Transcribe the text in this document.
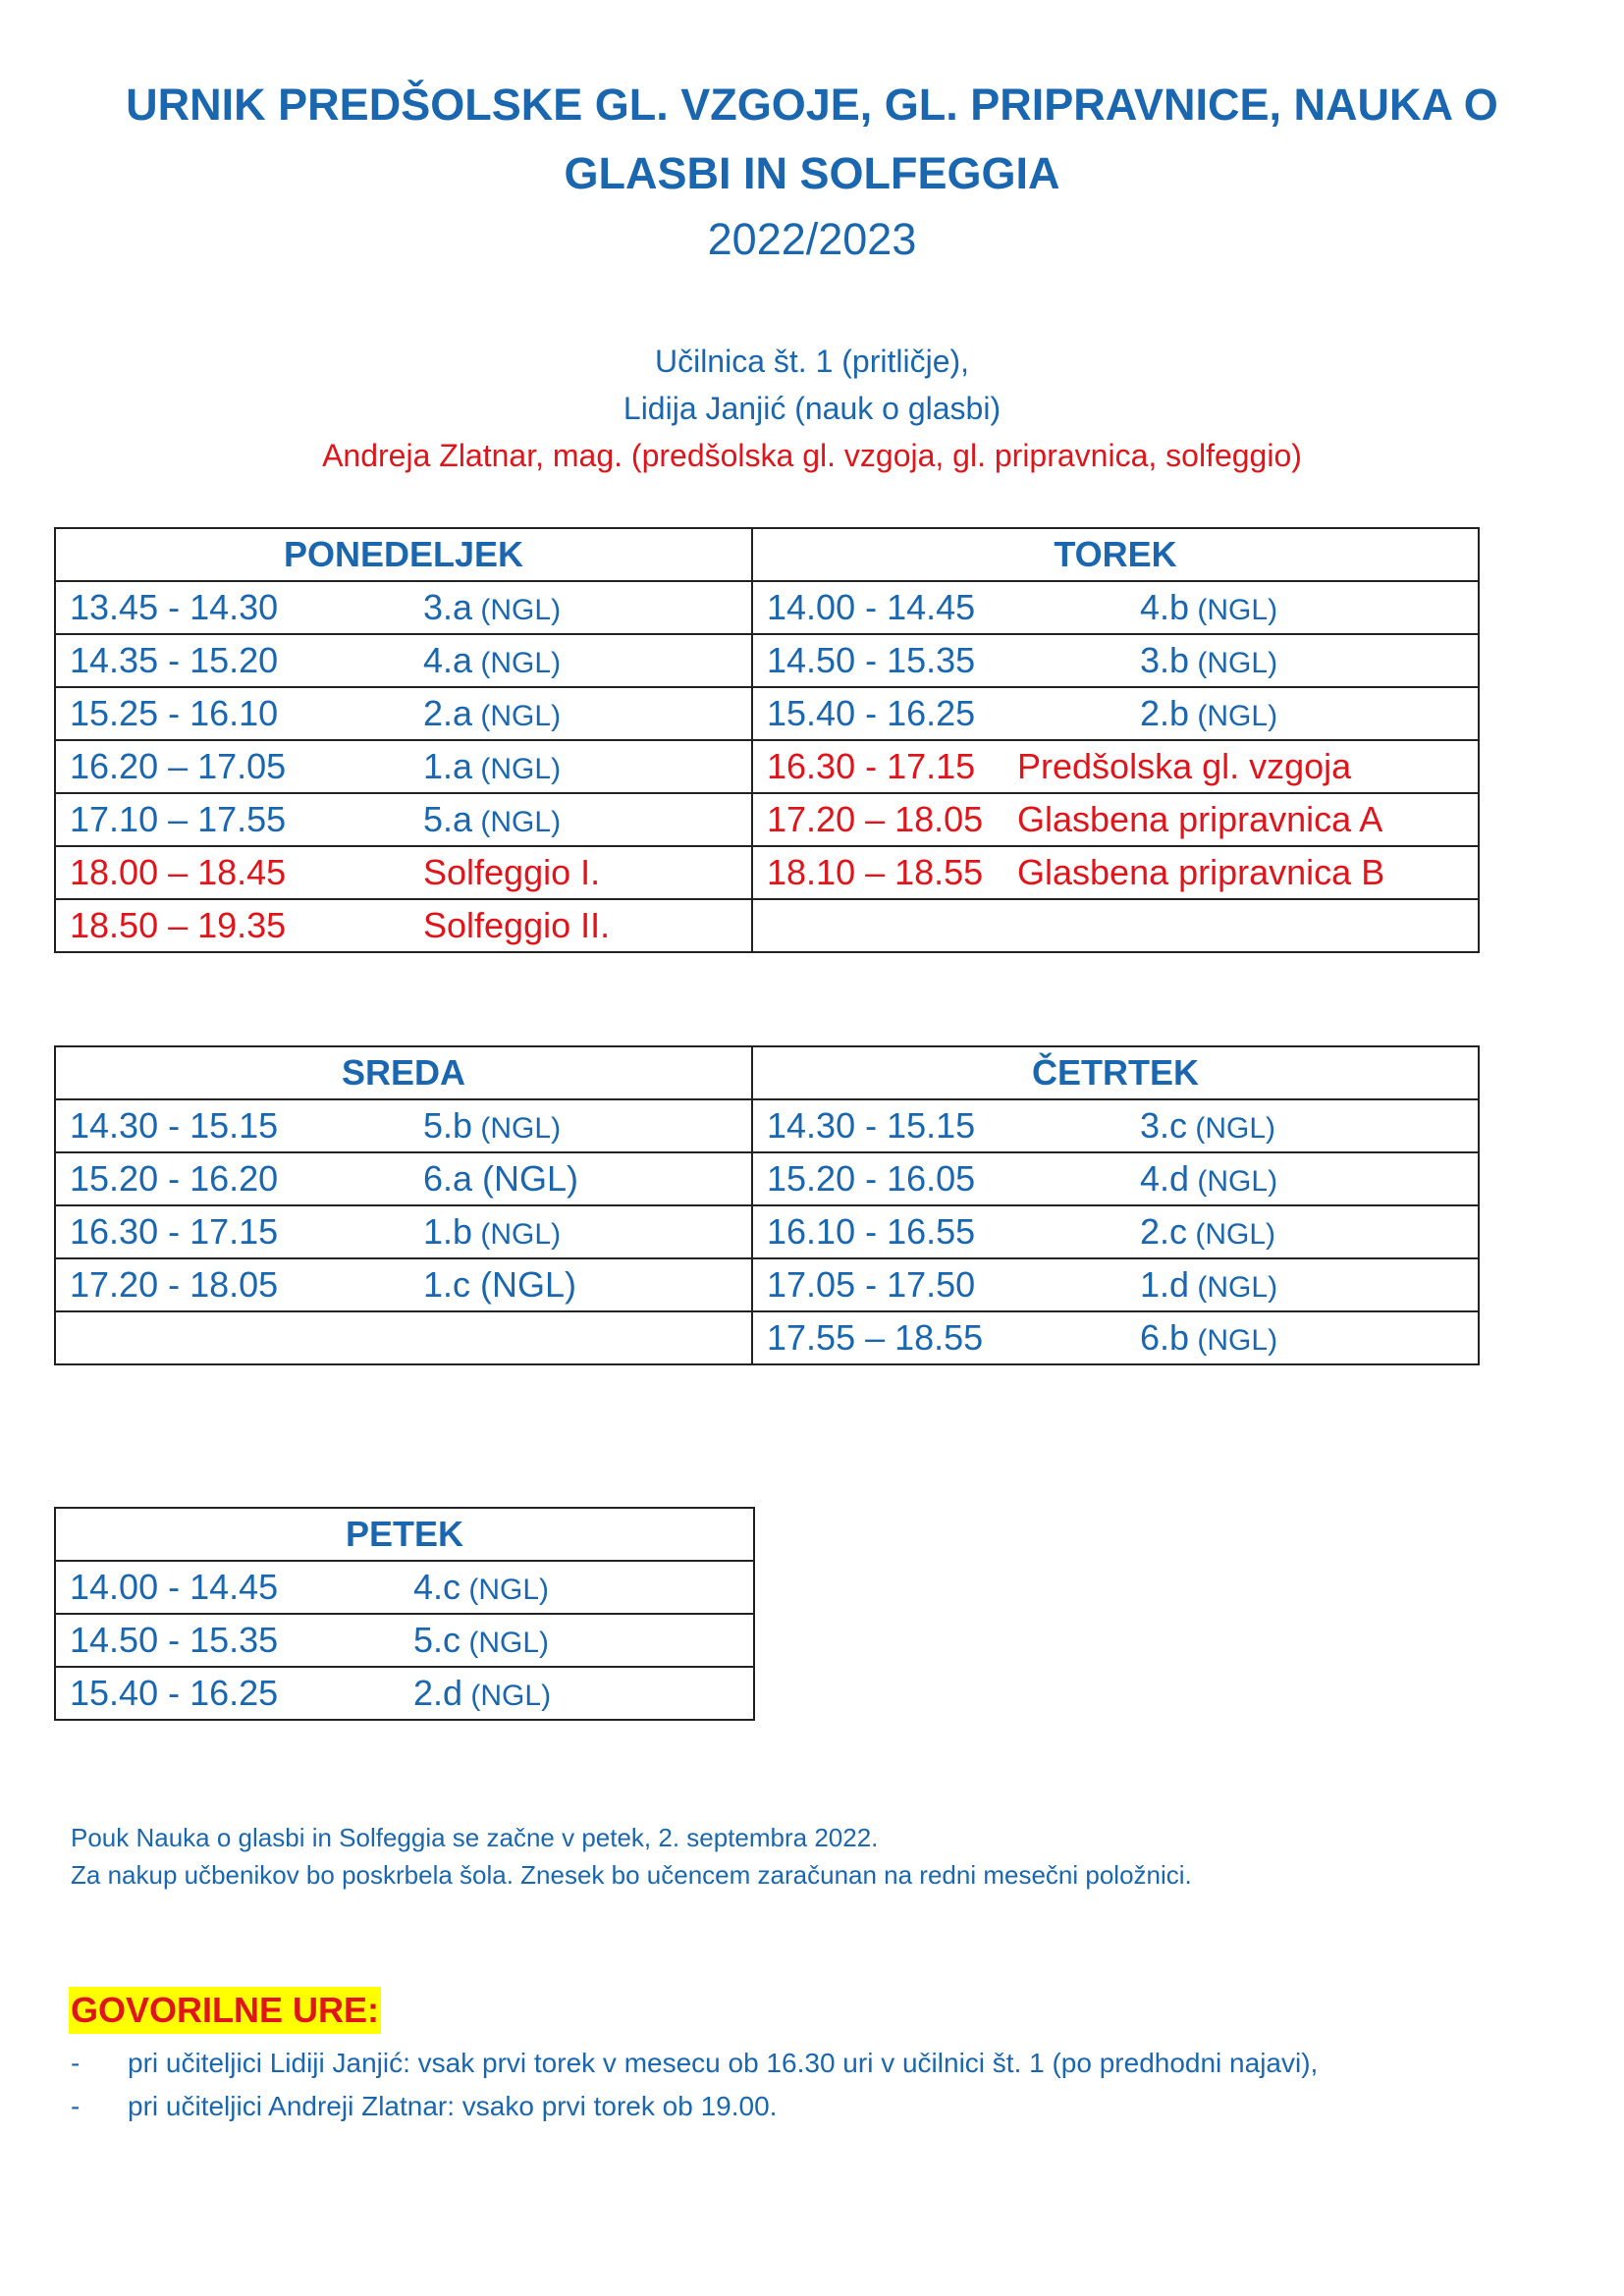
URNIK PREDŠOLSKE GL. VZGOJE, GL. PRIPRAVNICE, NAUKA O
GLASBI IN SOLFEGGIA
2022/2023
Učilnica št. 1 (pritličje),
Lidija Janjić (nauk o glasbi)
Andreja Zlatnar, mag. (predšolska gl. vzgoja, gl. pripravnica, solfeggio)
PONEDELJEK	TOREK

13.45 - 14.30 3.a (NGL)	14.00 - 14.45 4.b (NGL)

14.35 - 15.20 4.a (NGL)	14.50 - 15.35 3.b (NGL)

15.25 - 16.10 2.a (NGL)	15.40 - 16.25 2.b (NGL)

16.20 – 17.05 1.a (NGL)	16.30 - 17.15 Predšolska gl. vzgoja

17.10 – 17.55 5.a (NGL)	17.20 – 18.05 Glasbena pripravnica A

18.00 – 18.45 Solfeggio I.	18.10 – 18.55 Glasbena pripravnica B

18.50 – 19.35 Solfeggio II.	

SREDA	ČETRTEK

14.30 - 15.15 5.b (NGL)	14.30 - 15.15 3.c (NGL)

15.20 - 16.20 6.a (NGL)	15.20 - 16.05 4.d (NGL)

16.30 - 17.15 1.b (NGL)	16.10 - 16.55 2.c (NGL)

17.20 - 18.05 1.c (NGL)	17.05 - 17.50 1.d (NGL)

	17.55 – 18.55 6.b (NGL)
PETEK

14.00 - 14.45	4.c (NGL)

14.50 - 15.35	5.c (NGL)

15.40 - 16.25	2.d (NGL)
Pouk Nauka o glasbi in Solfeggia se začne v petek, 2. septembra 2022.
Za nakup učbenikov bo poskrbela šola. Znesek bo učencem zaračunan na redni mesečni položnici.
GOVORILNE URE:
-	pri učiteljici Lidiji Janjić: vsak prvi torek v mesecu ob 16.30 uri v učilnici št. 1 (po predhodni najavi),
-	pri učiteljici Andreji Zlatnar: vsako prvi torek ob 19.00.
